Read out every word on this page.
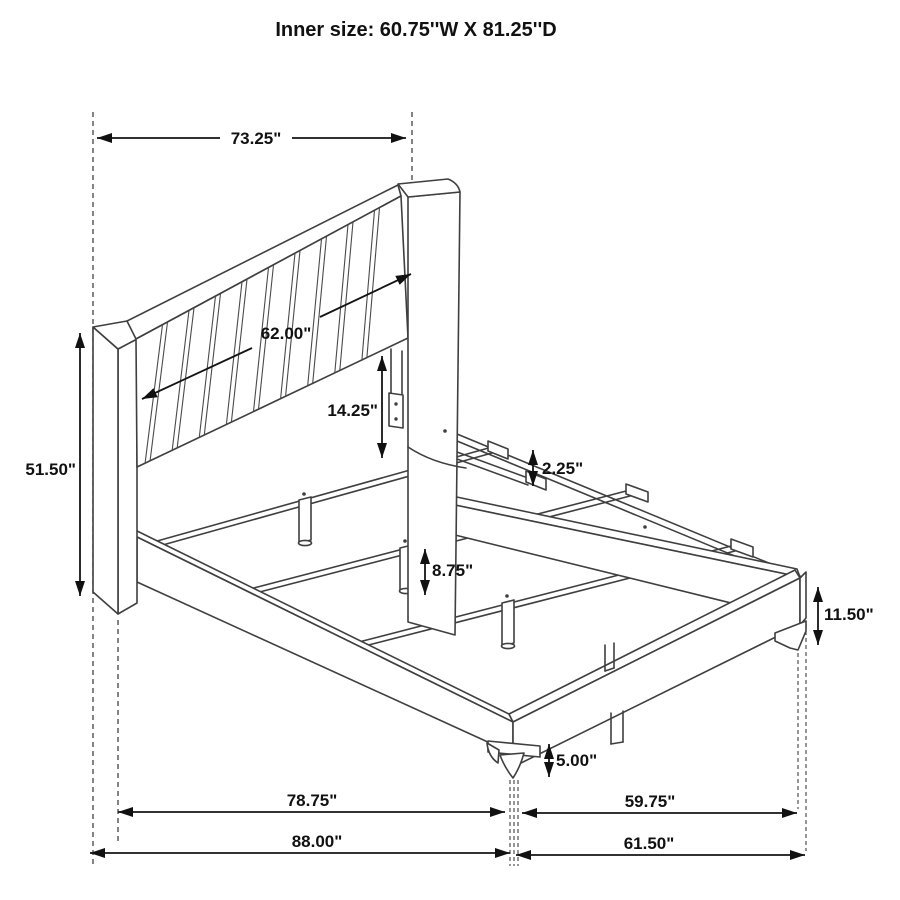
73.25"
62.00"
51.50"
14.25"
2.25"
8.75"
11.50"
5.00"
78.75"	59.75"
88.00"	61.50"
Inner size: 60.75''W X 81.25''D
